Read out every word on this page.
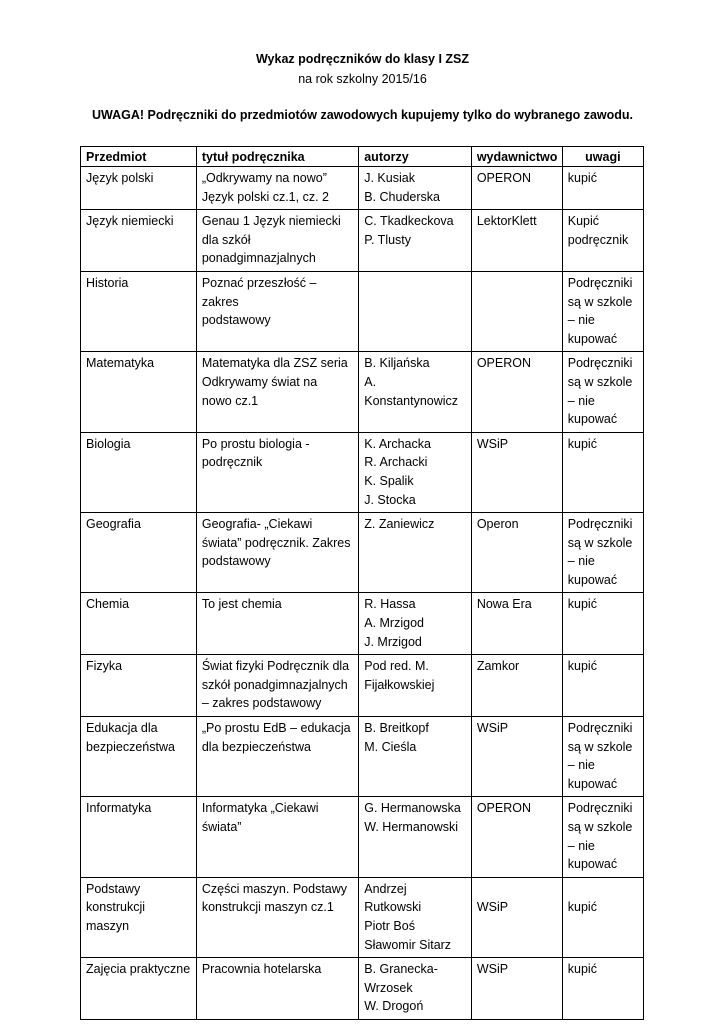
Wykaz podręczników do klasy I ZSZ
na rok szkolny 2015/16
UWAGA! Podręczniki do przedmiotów zawodowych kupujemy tylko do wybranego zawodu.
Przedmiot	tytuł podręcznika	autorzy	wydawnictwo	uwagi

Język polski	„Odkrywamy na nowo”
Język polski cz.1, cz. 2	J. Kusiak
B. Chuderska	OPERON	kupić

Język niemiecki	Genau 1 Język niemiecki
dla szkół
ponadgimnazjalnych	C. Tkadkeckova
P. Tlusty	LektorKlett	Kupić
podręcznik

Historia	Poznać przeszłość – zakres
podstawowy			Podręczniki
są w szkole
– nie
kupować

Matematyka	Matematyka dla ZSZ seria
Odkrywamy świat na
nowo cz.1	B. Kiljańska
A.
Konstantynowicz	OPERON	Podręczniki
są w szkole
– nie
kupować

Biologia	Po prostu biologia -
podręcznik	K. Archacka
R. Archacki
K. Spalik
J. Stocka	WSiP	kupić

Geografia	Geografia- „Ciekawi
świata” podręcznik. Zakres
podstawowy	Z. Zaniewicz	Operon	Podręczniki
są w szkole
– nie
kupować

Chemia	To jest chemia	R. Hassa
A. Mrzigod
J. Mrzigod	Nowa Era	kupić

Fizyka	Świat fizyki Podręcznik dla
szkół ponadgimnazjalnych
– zakres podstawowy	Pod red. M.
Fijałkowskiej	Zamkor	kupić

Edukacja dla
bezpieczeństwa	„Po prostu EdB – edukacja
dla bezpieczeństwa	B. Breitkopf
M. Cieśla	WSiP	Podręczniki
są w szkole
– nie
kupować

Informatyka	Informatyka „Ciekawi
świata”	G. Hermanowska
W. Hermanowski	OPERON	Podręczniki
są w szkole
– nie
kupować

Podstawy
konstrukcji maszyn	Części maszyn. Podstawy
konstrukcji maszyn cz.1	Andrzej Rutkowski
Piotr Boś
Sławomir Sitarz	WSiP	kupić

Zajęcia praktyczne	Pracownia hotelarska	B. Granecka-
Wrzosek
W. Drogoń	WSiP	kupić
